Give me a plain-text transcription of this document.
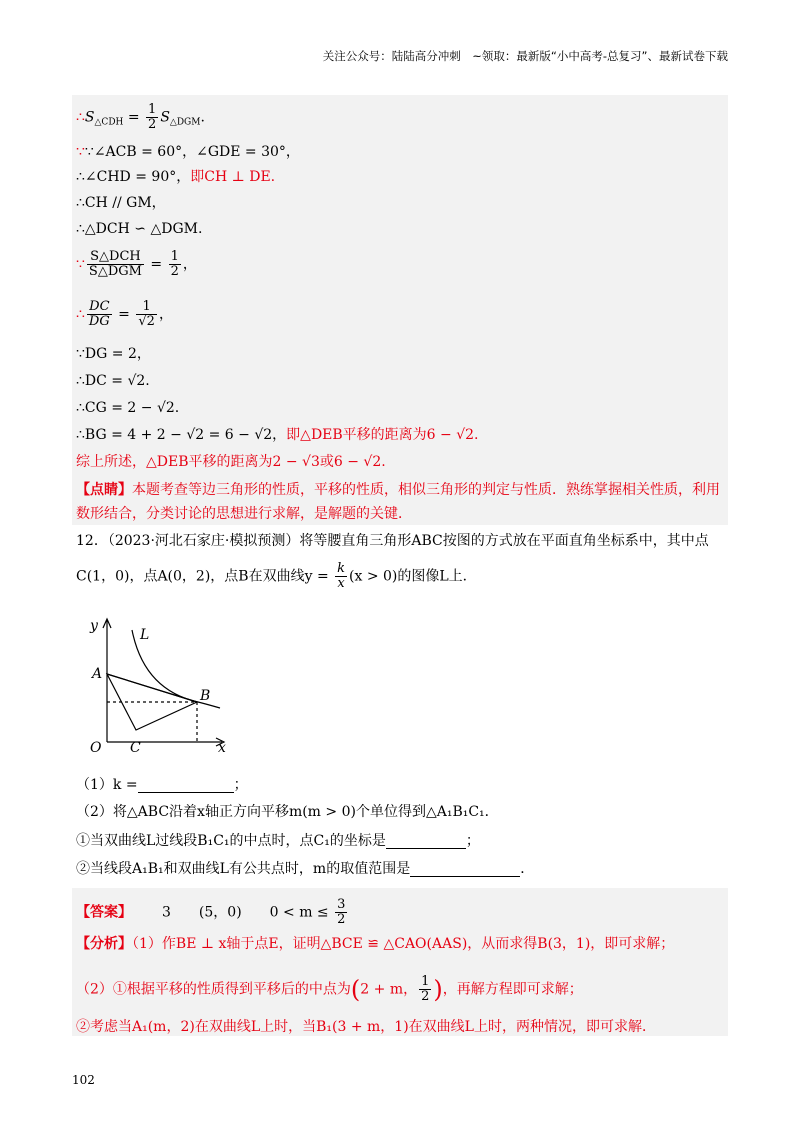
关注公众号：陆陆高分冲刺　~领取：最新版“小中高考-总复习”、最新试卷下载
$\therefore S_{\triangle CDH} = \frac{1}{2} S_{\triangle DGM}$.
∵∵∠ACB = 60°，∠GDE = 30°，
∴∠CHD = 90°，即CH ⊥ DE.
∴CH // GM，
∴△DCH ∽ △DGM.
∵ $\frac{\text{S△DCH}}{\text{S△DGM}} = \frac{1}{2}$ ，
∴ $\frac{DC}{DG} = \frac{1}{√2}$ ，
∵DG = 2，
∴DC = √2.
∴CG = 2 − √2.
∴BG = 4 + 2 − √2 = 6 − √2，即△DEB平移的距离为6 − √2.
综上所述，△DEB平移的距离为2 − √3或6 − √2.
【点睛】本题考查等边三角形的性质，平移的性质，相似三角形的判定与性质．熟练掌握相关性质，利用
数形结合，分类讨论的思想进行求解，是解题的关键．
12．（2023·河北石家庄·模拟预测）将等腰直角三角形ABC按图的方式放在平面直角坐标系中，其中点
C(1，0)，点A(0，2)，点B在双曲线$y = \frac{k}{x} (x > 0)$的图像L上．
y
x
O
A
B
C
L
（1）k =	；
（2）将△ABC沿着x轴正方向平移m(m > 0)个单位得到△A₁B₁C₁．
①当双曲线L过线段B₁C₁的中点时，点C₁的坐标是	；
②当线段A₁B₁和双曲线L有公共点时，m的取值范围是	．
【答案】 3 (5，0) $0 < m \le \frac{3}{2}$
【分析】（1）作BE ⊥ x轴于点E，证明△BCE ≌ △CAO(AAS)，从而求得B(3，1)，即可求解；
（2）①根据平移的性质得到平移后的中点为(2 + m， $\frac{1}{2}$ )，再解方程即可求解；
②考虑当A₁(m，2)在双曲线L上时，当B₁(3 + m，1)在双曲线L上时，两种情况，即可求解．
102
